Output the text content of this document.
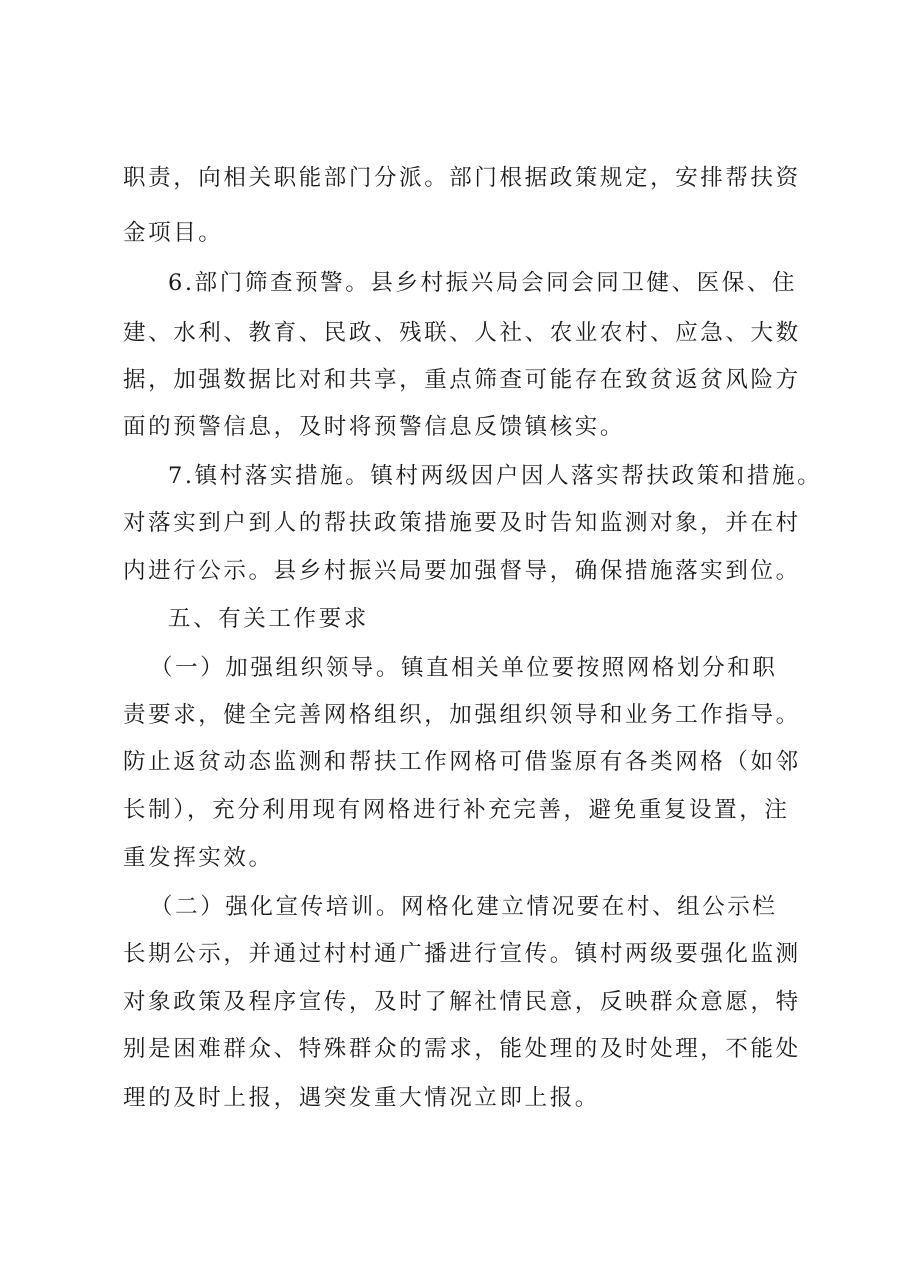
职责，向相关职能部门分派。部门根据政策规定，安排帮扶资
金项目。
6.部门筛查预警。县乡村振兴局会同会同卫健、医保、住
建、水利、教育、民政、残联、人社、农业农村、应急、大数
据，加强数据比对和共享，重点筛查可能存在致贫返贫风险方
面的预警信息，及时将预警信息反馈镇核实。
7.镇村落实措施。镇村两级因户因人落实帮扶政策和措施。
对落实到户到人的帮扶政策措施要及时告知监测对象，并在村
内进行公示。县乡村振兴局要加强督导，确保措施落实到位。
五、有关工作要求
（一）加强组织领导。镇直相关单位要按照网格划分和职
责要求，健全完善网格组织，加强组织领导和业务工作指导。
防止返贫动态监测和帮扶工作网格可借鉴原有各类网格（如邻
长制），充分利用现有网格进行补充完善，避免重复设置，注
重发挥实效。
（二）强化宣传培训。网格化建立情况要在村、组公示栏
长期公示，并通过村村通广播进行宣传。镇村两级要强化监测
对象政策及程序宣传，及时了解社情民意，反映群众意愿，特
别是困难群众、特殊群众的需求，能处理的及时处理，不能处
理的及时上报，遇突发重大情况立即上报。
